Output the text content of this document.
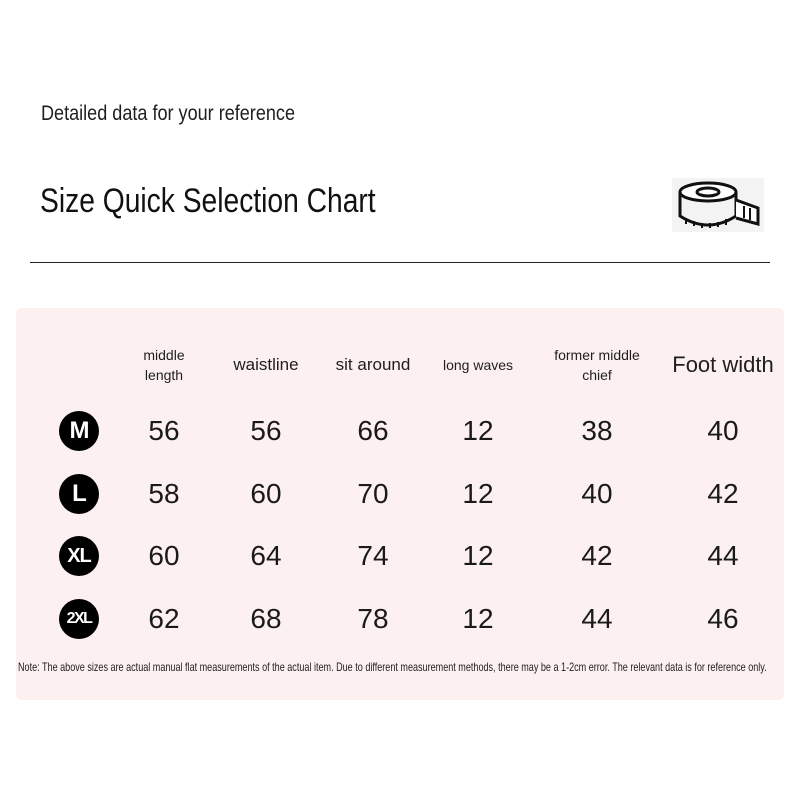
Detailed data for your reference
Size Quick Selection Chart

	middle length	waistline	sit around	long waves	former middle chief	Foot width
M	56	56	66	12	38	40
L	58	60	70	12	40	42
XL	60	64	74	12	42	44
2XL	62	68	78	12	44	46
Note: The above sizes are actual manual flat measurements of the actual item. Due to different measurement methods, there may be a 1-2cm error. The relevant data is for reference only.
